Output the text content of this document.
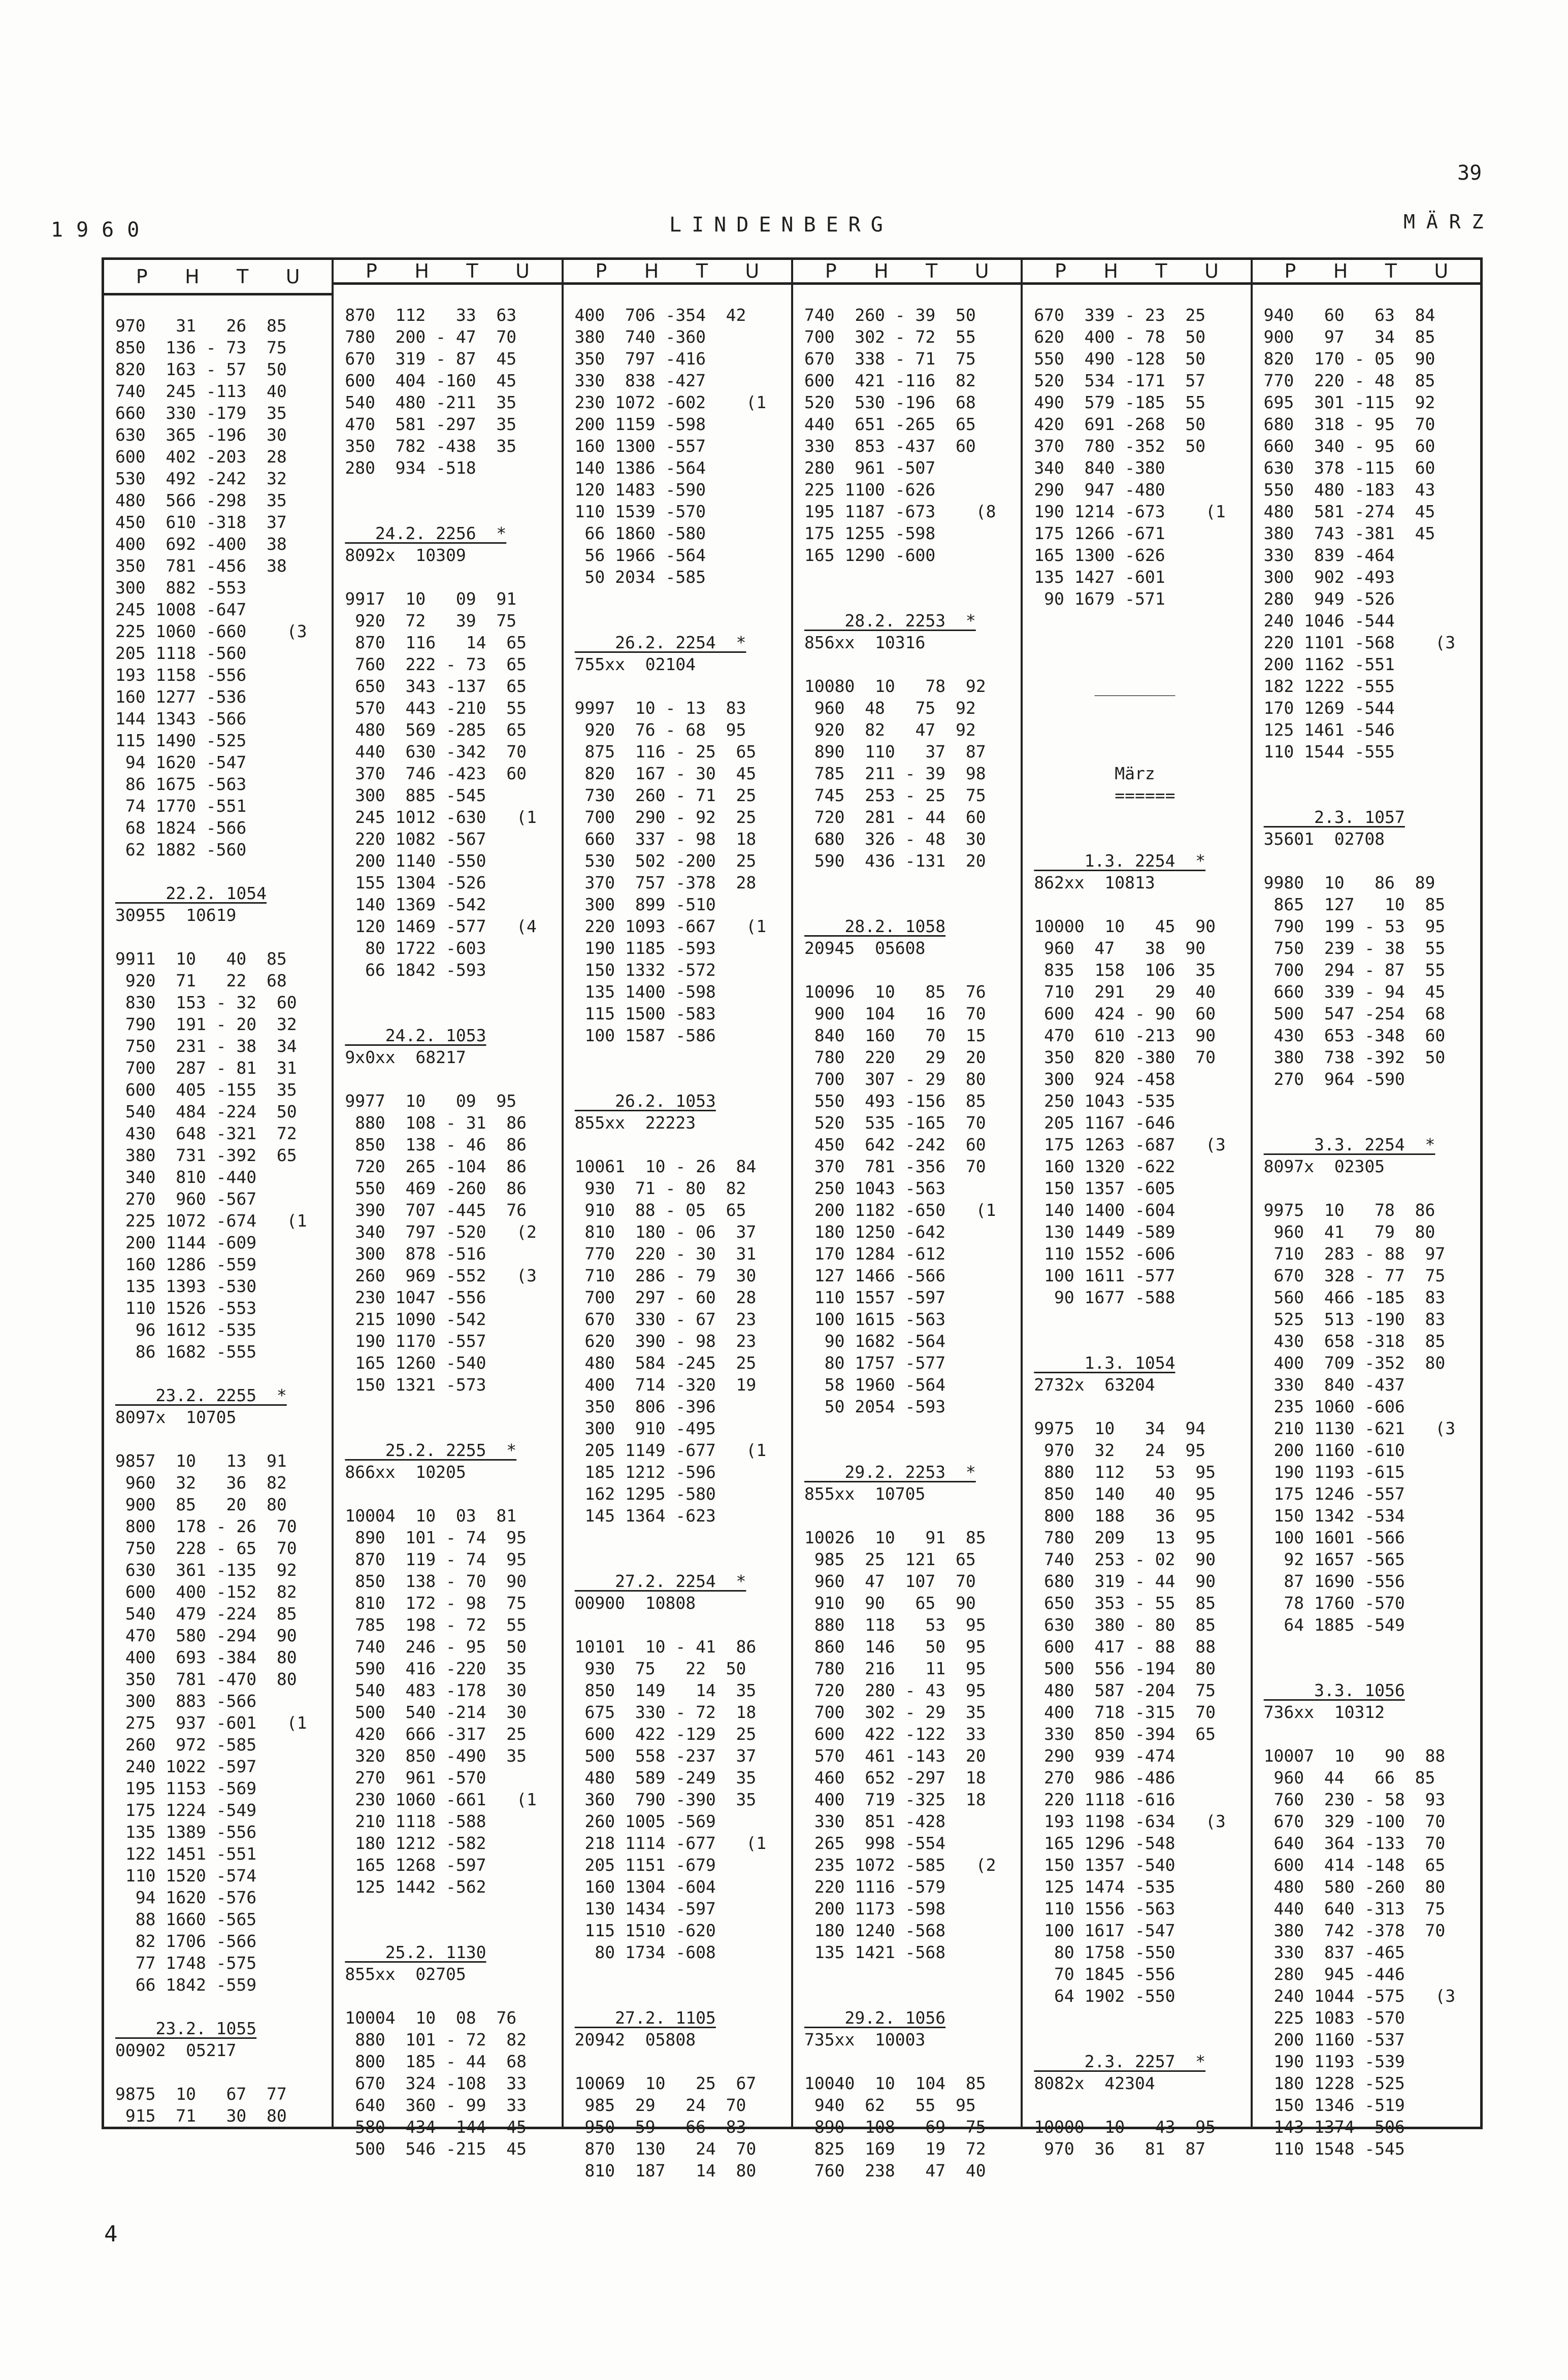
39
1960	LINDENBERG	MÄRZ
P H T U
970   31   26  85
850  136 - 73  75
820  163 - 57  50
740  245 -113  40
660  330 -179  35
630  365 -196  30
600  402 -203  28
530  492 -242  32
480  566 -298  35
450  610 -318  37
400  692 -400  38
350  781 -456  38
300  882 -553
245 1008 -647
225 1060 -660    (3
205 1118 -560
193 1158 -556
160 1277 -536
144 1343 -566
115 1490 -525
94 1620 -547
86 1675 -563
74 1770 -551
68 1824 -566
62 1882 -560
22.2. 1054
30955  10619
9911  10   40  85
920  71   22  68
830  153 - 32  60
790  191 - 20  32
750  231 - 38  34
700  287 - 81  31
600  405 -155  35
540  484 -224  50
430  648 -321  72
380  731 -392  65
340  810 -440
270  960 -567
225 1072 -674   (1
200 1144 -609
160 1286 -559
135 1393 -530
110 1526 -553
96 1612 -535
86 1682 -555
23.2. 2255  *
8097x  10705
9857  10   13  91
960  32   36  82
900  85   20  80
800  178 - 26  70
750  228 - 65  70
630  361 -135  92
600  400 -152  82
540  479 -224  85
470  580 -294  90
400  693 -384  80
350  781 -470  80
300  883 -566
275  937 -601   (1
260  972 -585
240 1022 -597
195 1153 -569
175 1224 -549
135 1389 -556
122 1451 -551
110 1520 -574
94 1620 -576
88 1660 -565
82 1706 -566
77 1748 -575
66 1842 -559
23.2. 1055
00902  05217
9875  10   67  77
915  71   30  80
P H T U
870  112   33  63
780  200 - 47  70
670  319 - 87  45
600  404 -160  45
540  480 -211  35
470  581 -297  35
350  782 -438  35
280  934 -518
24.2. 2256  *
8092x  10309
9917  10   09  91
920  72   39  75
870  116   14  65
760  222 - 73  65
650  343 -137  65
570  443 -210  55
480  569 -285  65
440  630 -342  70
370  746 -423  60
300  885 -545
245 1012 -630   (1
220 1082 -567
200 1140 -550
155 1304 -526
140 1369 -542
120 1469 -577   (4
80 1722 -603
66 1842 -593
24.2. 1053
9x0xx  68217
9977  10   09  95
880  108 - 31  86
850  138 - 46  86
720  265 -104  86
550  469 -260  86
390  707 -445  76
340  797 -520   (2
300  878 -516
260  969 -552   (3
230 1047 -556
215 1090 -542
190 1170 -557
165 1260 -540
150 1321 -573
25.2. 2255  *
866xx  10205
10004  10  03  81
890  101 - 74  95
870  119 - 74  95
850  138 - 70  90
810  172 - 98  75
785  198 - 72  55
740  246 - 95  50
590  416 -220  35
540  483 -178  30
500  540 -214  30
420  666 -317  25
320  850 -490  35
270  961 -570
230 1060 -661   (1
210 1118 -588
180 1212 -582
165 1268 -597
125 1442 -562
25.2. 1130
855xx  02705
10004  10  08  76
880  101 - 72  82
800  185 - 44  68
670  324 -108  33
640  360 - 99  33
580  434 -144  45
500  546 -215  45
P H T U
400  706 -354  42
380  740 -360
350  797 -416
330  838 -427
230 1072 -602    (1
200 1159 -598
160 1300 -557
140 1386 -564
120 1483 -590
110 1539 -570
66 1860 -580
56 1966 -564
50 2034 -585
26.2. 2254  *
755xx  02104
9997  10 - 13  83
920  76 - 68  95
875  116 - 25  65
820  167 - 30  45
730  260 - 71  25
700  290 - 92  25
660  337 - 98  18
530  502 -200  25
370  757 -378  28
300  899 -510
220 1093 -667   (1
190 1185 -593
150 1332 -572
135 1400 -598
115 1500 -583
100 1587 -586
26.2. 1053
855xx  22223
10061  10 - 26  84
930  71 - 80  82
910  88 - 05  65
810  180 - 06  37
770  220 - 30  31
710  286 - 79  30
700  297 - 60  28
670  330 - 67  23
620  390 - 98  23
480  584 -245  25
400  714 -320  19
350  806 -396
300  910 -495
205 1149 -677   (1
185 1212 -596
162 1295 -580
145 1364 -623
27.2. 2254  *
00900  10808
10101  10 - 41  86
930  75   22  50
850  149   14  35
675  330 - 72  18
600  422 -129  25
500  558 -237  37
480  589 -249  35
360  790 -390  35
260 1005 -569
218 1114 -677   (1
205 1151 -679
160 1304 -604
130 1434 -597
115 1510 -620
80 1734 -608
27.2. 1105
20942  05808
10069  10   25  67
985  29   24  70
950  59   66  83
870  130   24  70
810  187   14  80
P H T U
740  260 - 39  50
700  302 - 72  55
670  338 - 71  75
600  421 -116  82
520  530 -196  68
440  651 -265  65
330  853 -437  60
280  961 -507
225 1100 -626
195 1187 -673    (8
175 1255 -598
165 1290 -600
28.2. 2253  *
856xx  10316
10080  10   78  92
960  48   75  92
920  82   47  92
890  110   37  87
785  211 - 39  98
745  253 - 25  75
720  281 - 44  60
680  326 - 48  30
590  436 -131  20
28.2. 1058
20945  05608
10096  10   85  76
900  104   16  70
840  160   70  15
780  220   29  20
700  307 - 29  80
550  493 -156  85
520  535 -165  70
450  642 -242  60
370  781 -356  70
250 1043 -563
200 1182 -650   (1
180 1250 -642
170 1284 -612
127 1466 -566
110 1557 -597
100 1615 -563
90 1682 -564
80 1757 -577
58 1960 -564
50 2054 -593
29.2. 2253  *
855xx  10705
10026  10   91  85
985  25  121  65
960  47  107  70
910  90   65  90
880  118   53  95
860  146   50  95
780  216   11  95
720  280 - 43  95
700  302 - 29  35
600  422 -122  33
570  461 -143  20
460  652 -297  18
400  719 -325  18
330  851 -428
265  998 -554
235 1072 -585   (2
220 1116 -579
200 1173 -598
180 1240 -568
135 1421 -568
29.2. 1056
735xx  10003
10040  10  104  85
940  62   55  95
890  108   69  75
825  169   19  72
760  238   47  40
P H T U
670  339 - 23  25
620  400 - 78  50
550  490 -128  50
520  534 -171  57
490  579 -185  55
420  691 -268  50
370  780 -352  50
340  840 -380
290  947 -480
190 1214 -673    (1
175 1266 -671
165 1300 -626
135 1427 -601
90 1679 -571
________
März
======
1.3. 2254  *
862xx  10813
10000  10   45  90
960  47   38  90
835  158  106  35
710  291   29  40
600  424 - 90  60
470  610 -213  90
350  820 -380  70
300  924 -458
250 1043 -535
205 1167 -646
175 1263 -687   (3
160 1320 -622
150 1357 -605
140 1400 -604
130 1449 -589
110 1552 -606
100 1611 -577
90 1677 -588
1.3. 1054
2732x  63204
9975  10   34  94
970  32   24  95
880  112   53  95
850  140   40  95
800  188   36  95
780  209   13  95
740  253 - 02  90
680  319 - 44  90
650  353 - 55  85
630  380 - 80  85
600  417 - 88  88
500  556 -194  80
480  587 -204  75
400  718 -315  70
330  850 -394  65
290  939 -474
270  986 -486
220 1118 -616
193 1198 -634   (3
165 1296 -548
150 1357 -540
125 1474 -535
110 1556 -563
100 1617 -547
80 1758 -550
70 1845 -556
64 1902 -550
2.3. 2257  *
8082x  42304
10000  10   43  95
970  36   81  87
P H T U
940   60   63  84
900   97   34  85
820  170 - 05  90
770  220 - 48  85
695  301 -115  92
680  318 - 95  70
660  340 - 95  60
630  378 -115  60
550  480 -183  43
480  581 -274  45
380  743 -381  45
330  839 -464
300  902 -493
280  949 -526
240 1046 -544
220 1101 -568    (3
200 1162 -551
182 1222 -555
170 1269 -544
125 1461 -546
110 1544 -555
2.3. 1057
35601  02708
9980  10   86  89
865  127   10  85
790  199 - 53  95
750  239 - 38  55
700  294 - 87  55
660  339 - 94  45
500  547 -254  68
430  653 -348  60
380  738 -392  50
270  964 -590
3.3. 2254  *
8097x  02305
9975  10   78  86
960  41   79  80
710  283 - 88  97
670  328 - 77  75
560  466 -185  83
525  513 -190  83
430  658 -318  85
400  709 -352  80
330  840 -437
235 1060 -606
210 1130 -621   (3
200 1160 -610
190 1193 -615
175 1246 -557
150 1342 -534
100 1601 -566
92 1657 -565
87 1690 -556
78 1760 -570
64 1885 -549
3.3. 1056
736xx  10312
10007  10   90  88
960  44   66  85
760  230 - 58  93
670  329 -100  70
640  364 -133  70
600  414 -148  65
480  580 -260  80
440  640 -313  75
380  742 -378  70
330  837 -465
280  945 -446
240 1044 -575   (3
225 1083 -570
200 1160 -537
190 1193 -539
180 1228 -525
150 1346 -519
143 1374 -506
110 1548 -545
4
